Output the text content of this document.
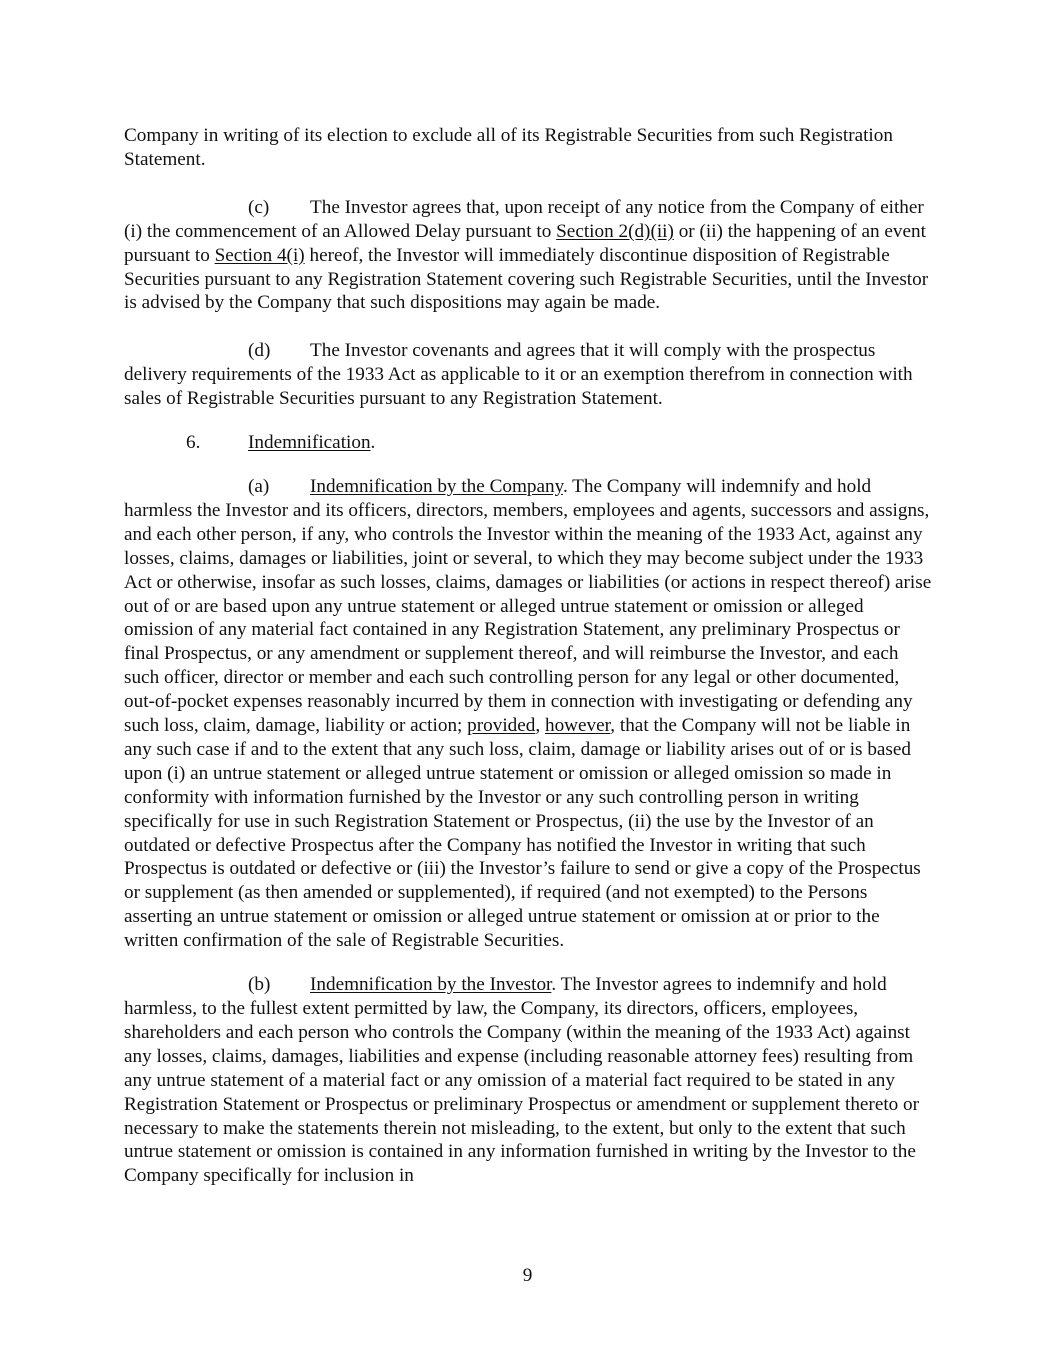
Company in writing of its election to exclude all of its Registrable Securities from such Registration Statement.

(c) The Investor agrees that, upon receipt of any notice from the Company of either (i) the commencement of an Allowed Delay pursuant to Section 2(d)(ii) or (ii) the happening of an event pursuant to Section 4(i) hereof, the Investor will immediately discontinue disposition of Registrable Securities pursuant to any Registration Statement covering such Registrable Securities, until the Investor is advised by the Company that such dispositions may again be made.

(d) The Investor covenants and agrees that it will comply with the prospectus delivery requirements of the 1933 Act as applicable to it or an exemption therefrom in connection with sales of Registrable Securities pursuant to any Registration Statement.

6. Indemnification.

(a) Indemnification by the Company. The Company will indemnify and hold harmless the Investor and its officers, directors, members, employees and agents, successors and assigns, and each other person, if any, who controls the Investor within the meaning of the 1933 Act, against any losses, claims, damages or liabilities, joint or several, to which they may become subject under the 1933 Act or otherwise, insofar as such losses, claims, damages or liabilities (or actions in respect thereof) arise out of or are based upon any untrue statement or alleged untrue statement or omission or alleged omission of any material fact contained in any Registration Statement, any preliminary Prospectus or final Prospectus, or any amendment or supplement thereof, and will reimburse the Investor, and each such officer, director or member and each such controlling person for any legal or other documented, out-of-pocket expenses reasonably incurred by them in connection with investigating or defending any such loss, claim, damage, liability or action; provided, however, that the Company will not be liable in any such case if and to the extent that any such loss, claim, damage or liability arises out of or is based upon (i) an untrue statement or alleged untrue statement or omission or alleged omission so made in conformity with information furnished by the Investor or any such controlling person in writing specifically for use in such Registration Statement or Prospectus, (ii) the use by the Investor of an outdated or defective Prospectus after the Company has notified the Investor in writing that such Prospectus is outdated or defective or (iii) the Investor’s failure to send or give a copy of the Prospectus or supplement (as then amended or supplemented), if required (and not exempted) to the Persons asserting an untrue statement or omission or alleged untrue statement or omission at or prior to the written confirmation of the sale of Registrable Securities.

(b) Indemnification by the Investor. The Investor agrees to indemnify and hold harmless, to the fullest extent permitted by law, the Company, its directors, officers, employees, shareholders and each person who controls the Company (within the meaning of the 1933 Act) against any losses, claims, damages, liabilities and expense (including reasonable attorney fees) resulting from any untrue statement of a material fact or any omission of a material fact required to be stated in any Registration Statement or Prospectus or preliminary Prospectus or amendment or supplement thereto or necessary to make the statements therein not misleading, to the extent, but only to the extent that such untrue statement or omission is contained in any information furnished in writing by the Investor to the Company specifically for inclusion in

9
